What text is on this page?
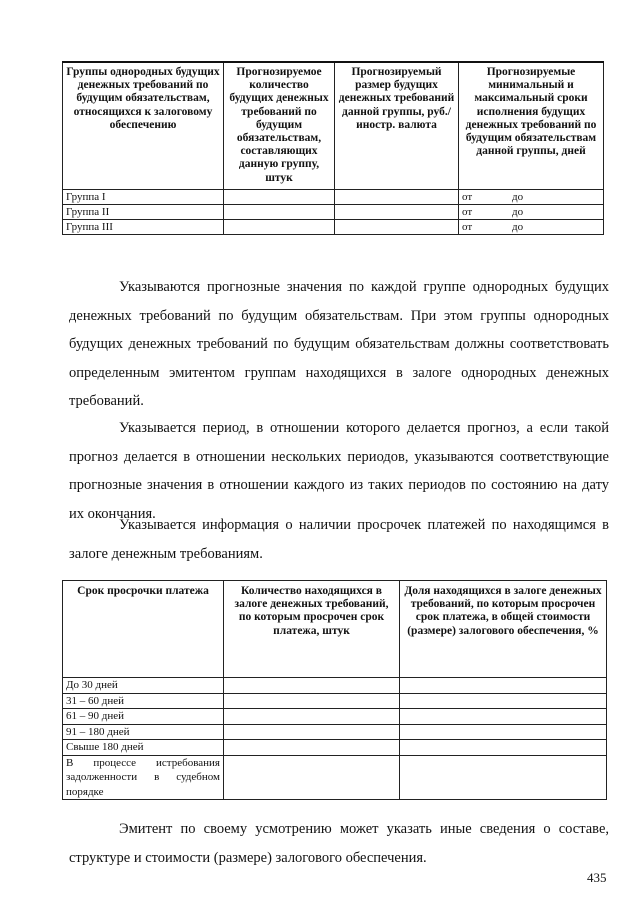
Группы однородных будущих денежных требований по будущим обязательствам, относящихся к залоговому обеспечению	Прогнозируемое количество будущих денежных требований по будущим обязательствам, составляющих данную группу, штук	Прогнозируемый размер будущих денежных требований данной группы, руб./иностр. валюта	Прогнозируемые минимальный и максимальный сроки исполнения будущих денежных требований по будущим обязательствам данной группы, дней
Группа I			от до
Группа II			от до
Группа III			от до

Указываются прогнозные значения по каждой группе однородных будущих денежных требований по будущим обязательствам. При этом группы однородных будущих денежных требований по будущим обязательствам должны соответствовать определенным эмитентом группам находящихся в залоге однородных денежных требований.

Указывается период, в отношении которого делается прогноз, а если такой прогноз делается в отношении нескольких периодов, указываются соответствующие прогнозные значения в отношении каждого из таких периодов по состоянию на дату их окончания.

Указывается информация о наличии просрочек платежей по находящимся в залоге денежным требованиям.

Срок просрочки платежа	Количество находящихся в залоге денежных требований, по которым просрочен срок платежа, штук	Доля находящихся в залоге денежных требований, по которым просрочен срок платежа, в общей стоимости (размере) залогового обеспечения, %
До 30 дней		
31 – 60 дней		
61 – 90 дней		
91 – 180 дней		
Свыше 180 дней		
В процессе истребования задолженности в судебном порядке		

Эмитент по своему усмотрению может указать иные сведения о составе, структуре и стоимости (размере) залогового обеспечения.

435
